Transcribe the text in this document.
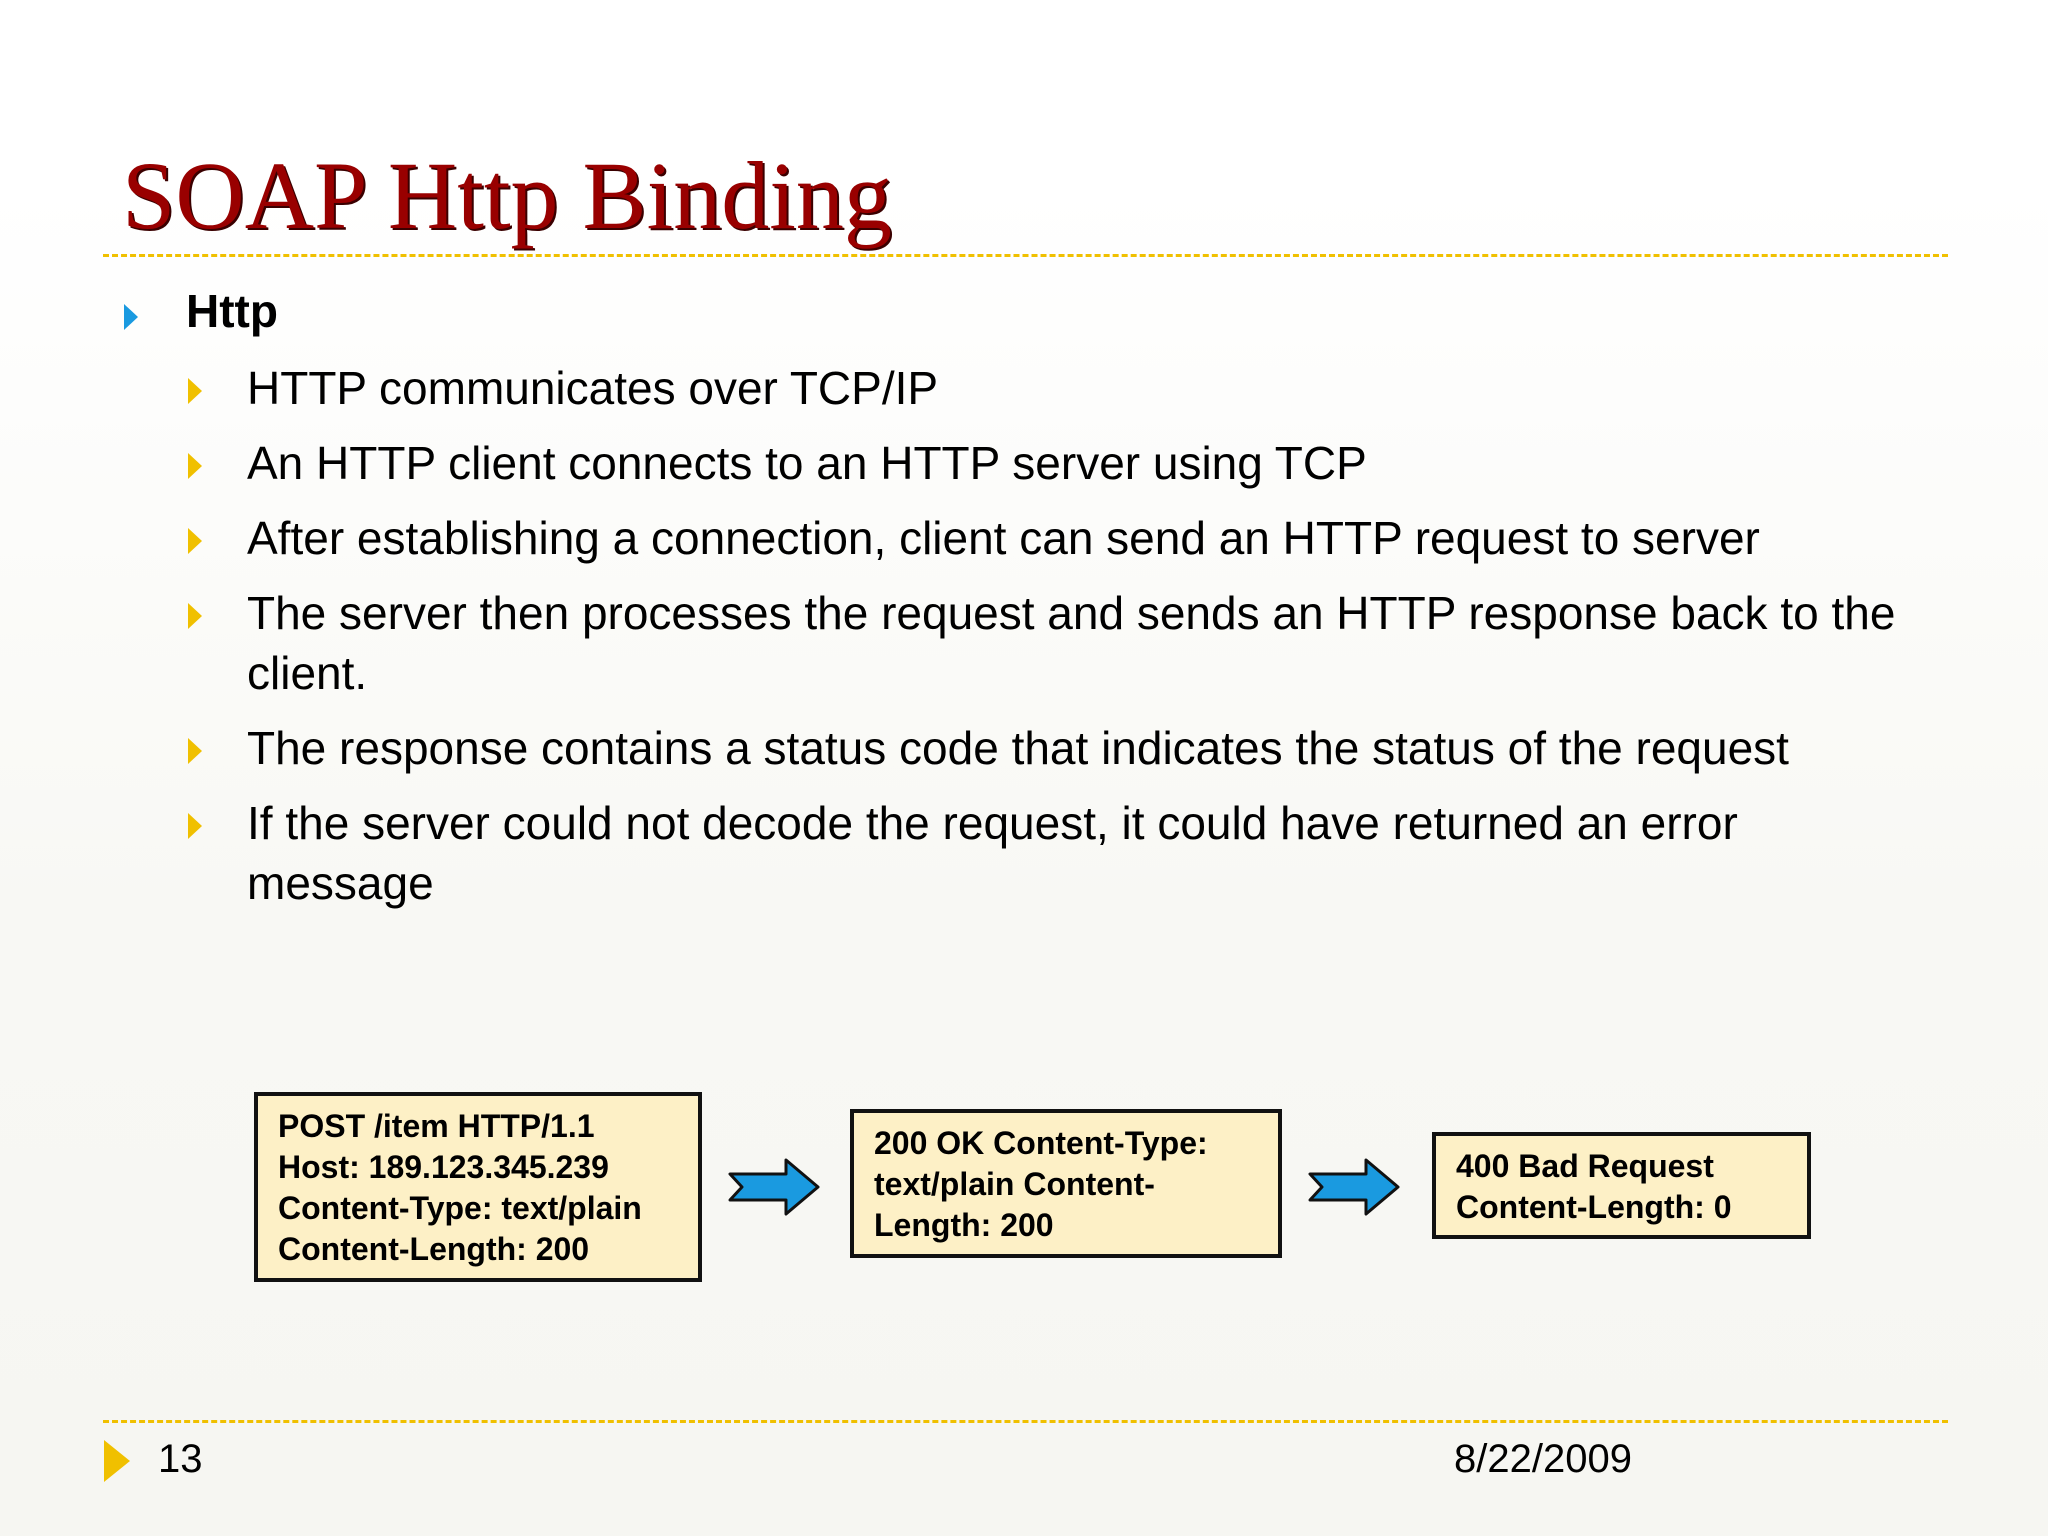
SOAP Http Binding
Http
HTTP communicates over TCP/IP
An HTTP client connects to an HTTP server using TCP
After establishing a connection, client can send an HTTP request to server
The server then processes the request and sends an HTTP response back to the client.
The response contains a status code that indicates the status of the request
If the server could not decode the request, it could have returned an error message
POST /item HTTP/1.1
Host: 189.123.345.239
Content-Type: text/plain
Content-Length: 200
200 OK Content-Type:
text/plain Content-
Length: 200
400 Bad Request
Content-Length: 0
13	8/22/2009
